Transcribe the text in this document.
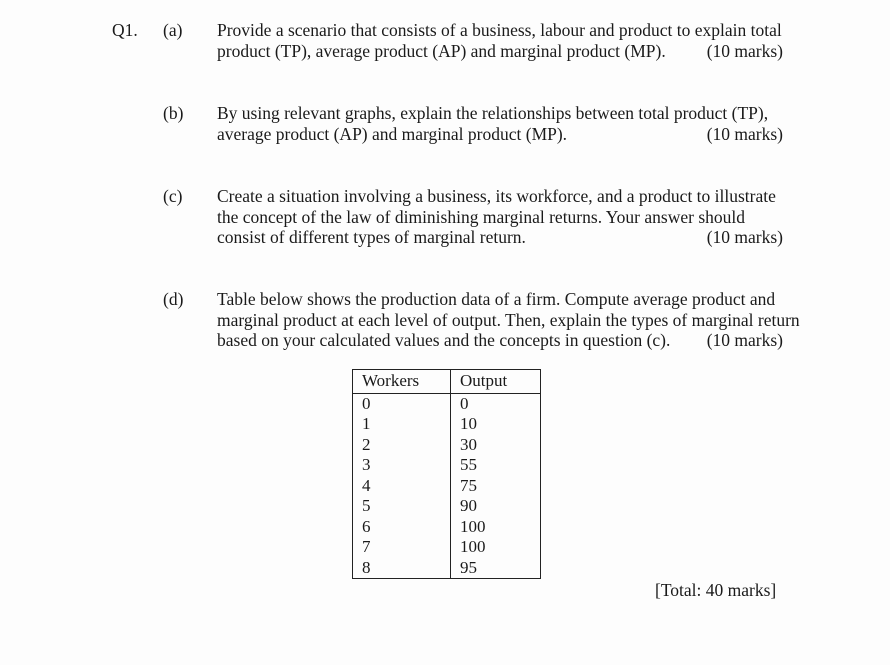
Q1. (a) Provide a scenario that consists of a business, labour and product to explain total
product (TP), average product (AP) and marginal product (MP). (10 marks)
(b) By using relevant graphs, explain the relationships between total product (TP),
average product (AP) and marginal product (MP).	(10 marks)
(c) Create a situation involving a business, its workforce, and a product to illustrate
the concept of the law of diminishing marginal returns. Your answer should
consist of different types of marginal return.	(10 marks)
(d) Table below shows the production data of a firm. Compute average product and
marginal product at each level of output. Then, explain the types of marginal return
based on your calculated values and the concepts in question (c). (10 marks)
Workers	Output
0	0
1	10
2	30
3	55
4	75
5	90
6	100
7	100
8	95
[Total: 40 marks]
